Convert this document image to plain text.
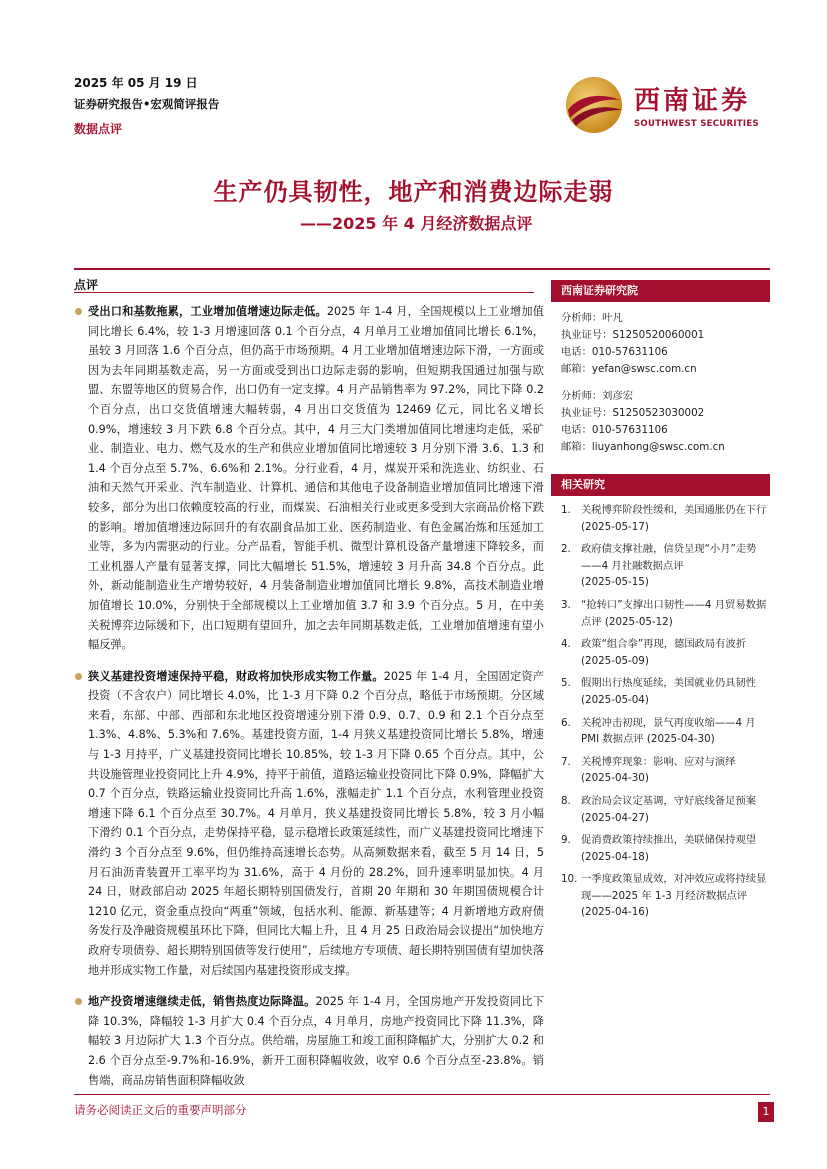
2025 年 05 月 19 日
证券研究报告•宏观简评报告
数据点评
西南证券
SOUTHWEST SECURITIES
生产仍具韧性，地产和消费边际走弱
——2025 年 4 月经济数据点评
点评
受出口和基数拖累，工业增加值增速边际走低。2025 年 1-4 月，全国规模以上工业增加值同比增长 6.4%，较 1-3 月增速回落 0.1 个百分点，4 月单月工业增加值同比增长 6.1%，虽较 3 月回落 1.6 个百分点，但仍高于市场预期。4 月工业增加值增速边际下滑，一方面或因为去年同期基数走高，另一方面或受到出口边际走弱的影响，但短期我国通过加强与欧盟、东盟等地区的贸易合作，出口仍有一定支撑。4 月产品销售率为 97.2%，同比下降 0.2 个百分点，出口交货值增速大幅转弱，4 月出口交货值为 12469 亿元，同比名义增长 0.9%，增速较 3 月下跌 6.8 个百分点。其中，4 月三大门类增加值同比增速均走低，采矿业、制造业、电力、燃气及水的生产和供应业增加值同比增速较 3 月分别下滑 3.6、1.3 和 1.4 个百分点至 5.7%、6.6%和 2.1%。分行业看，4 月，煤炭开采和洗选业、纺织业、石油和天然气开采业、汽车制造业、计算机、通信和其他电子设备制造业增加值同比增速下滑较多，部分为出口依赖度较高的行业，而煤炭、石油相关行业或更多受到大宗商品价格下跌的影响。增加值增速边际回升的有农副食品加工业、医药制造业、有色金属冶炼和压延加工业等，多为内需驱动的行业。分产品看，智能手机、微型计算机设备产量增速下降较多，而工业机器人产量有显著支撑，同比大幅增长 51.5%，增速较 3 月升高 34.8 个百分点。此外，新动能制造业生产增势较好，4 月装备制造业增加值同比增长 9.8%，高技术制造业增加值增长 10.0%，分别快于全部规模以上工业增加值 3.7 和 3.9 个百分点。5 月，在中美关税博弈边际缓和下，出口短期有望回升，加之去年同期基数走低，工业增加值增速有望小幅反弹。
狭义基建投资增速保持平稳，财政将加快形成实物工作量。2025 年 1-4 月，全国固定资产投资（不含农户）同比增长 4.0%，比 1-3 月下降 0.2 个百分点，略低于市场预期。分区域来看，东部、中部、西部和东北地区投资增速分别下滑 0.9、0.7、0.9 和 2.1 个百分点至 1.3%、4.8%、5.3%和 7.6%。基建投资方面，1-4 月狭义基建投资同比增长 5.8%，增速与 1-3 月持平，广义基建投资同比增长 10.85%，较 1-3 月下降 0.65 个百分点。其中，公共设施管理业投资同比上升 4.9%，持平于前值，道路运输业投资同比下降 0.9%，降幅扩大 0.7 个百分点，铁路运输业投资同比升高 1.6%，涨幅走扩 1.1 个百分点，水利管理业投资增速下降 6.1 个百分点至 30.7%。4 月单月，狭义基建投资同比增长 5.8%，较 3 月小幅下滑约 0.1 个百分点，走势保持平稳，显示稳增长政策延续性，而广义基建投资同比增速下滑约 3 个百分点至 9.6%，但仍维持高速增长态势。从高频数据来看，截至 5 月 14 日，5 月石油沥青装置开工率平均为 31.6%，高于 4 月份的 28.2%，回升速率明显加快。4 月 24 日，财政部启动 2025 年超长期特别国债发行，首期 20 年期和 30 年期国债规模合计 1210 亿元，资金重点投向“两重”领域，包括水利、能源、新基建等；4 月新增地方政府债务发行及净融资规模虽环比下降，但同比大幅上升，且 4 月 25 日政治局会议提出“加快地方政府专项债券、超长期特别国债等发行使用”，后续地方专项债、超长期特别国债有望加快落地并形成实物工作量，对后续国内基建投资形成支撑。
地产投资增速继续走低，销售热度边际降温。2025 年 1-4 月，全国房地产开发投资同比下降 10.3%，降幅较 1-3 月扩大 0.4 个百分点，4 月单月，房地产投资同比下降 11.3%，降幅较 3 月边际扩大 1.3 个百分点。供给端，房屋施工和竣工面积降幅扩大，分别扩大 0.2 和 2.6 个百分点至-9.7%和-16.9%，新开工面积降幅收敛，收窄 0.6 个百分点至-23.8%。销售端，商品房销售面积降幅收敛
西南证券研究院
分析师：叶凡
执业证号：S1250520060001
电话：010-57631106
邮箱：yefan@swsc.com.cn
分析师：刘彦宏
执业证号：S1250523030002
电话：010-57631106
邮箱：liuyanhong@swsc.com.cn
相关研究
1. 关税博弈阶段性缓和，美国通胀仍在下行 (2025-05-17)
2. 政府债支撑社融，信贷呈现“小月”走势——4 月社融数据点评
(2025-05-15)
3. “抢转口”支撑出口韧性——4 月贸易数据点评 (2025-05-12)
4. 政策“组合拳”再现，德国政局有波折
(2025-05-09)
5. 假期出行热度延续，美国就业仍具韧性
(2025-05-04)
6. 关税冲击初现，景气再度收缩——4 月 PMI 数据点评 (2025-04-30)
7. 关税博弈现象：影响、应对与演绎
(2025-04-30)
8. 政治局会议定基调，守好底线备足预案
(2025-04-27)
9. 促消费政策持续推出，美联储保持观望
(2025-04-18)
10. 一季度政策显成效，对冲效应或将持续显现——2025 年 1-3 月经济数据点评
(2025-04-16)
请务必阅读正文后的重要声明部分	1
